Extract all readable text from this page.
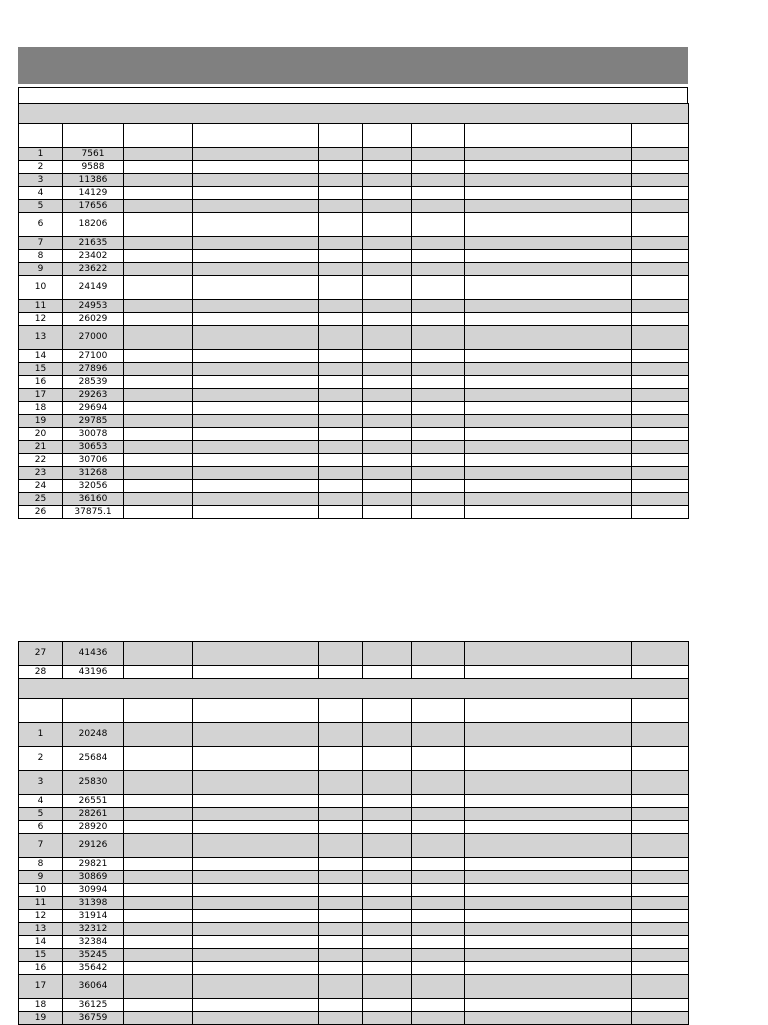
1	7561							
2	9588							
3	11386							
4	14129							
5	17656							
6	18206							
7	21635							
8	23402							
9	23622							
10	24149							
11	24953							
12	26029							
13	27000							
14	27100							
15	27896							
16	28539							
17	29263							
18	29694							
19	29785							
20	30078							
21	30653							
22	30706							
23	31268							
24	32056							
25	36160							
26	37875.1							
27	41436							
28	43196							

1	20248							
2	25684							
3	25830							
4	26551							
5	28261							
6	28920							
7	29126							
8	29821							
9	30869							
10	30994							
11	31398							
12	31914							
13	32312							
14	32384							
15	35245							
16	35642							
17	36064							
18	36125							
19	36759							
